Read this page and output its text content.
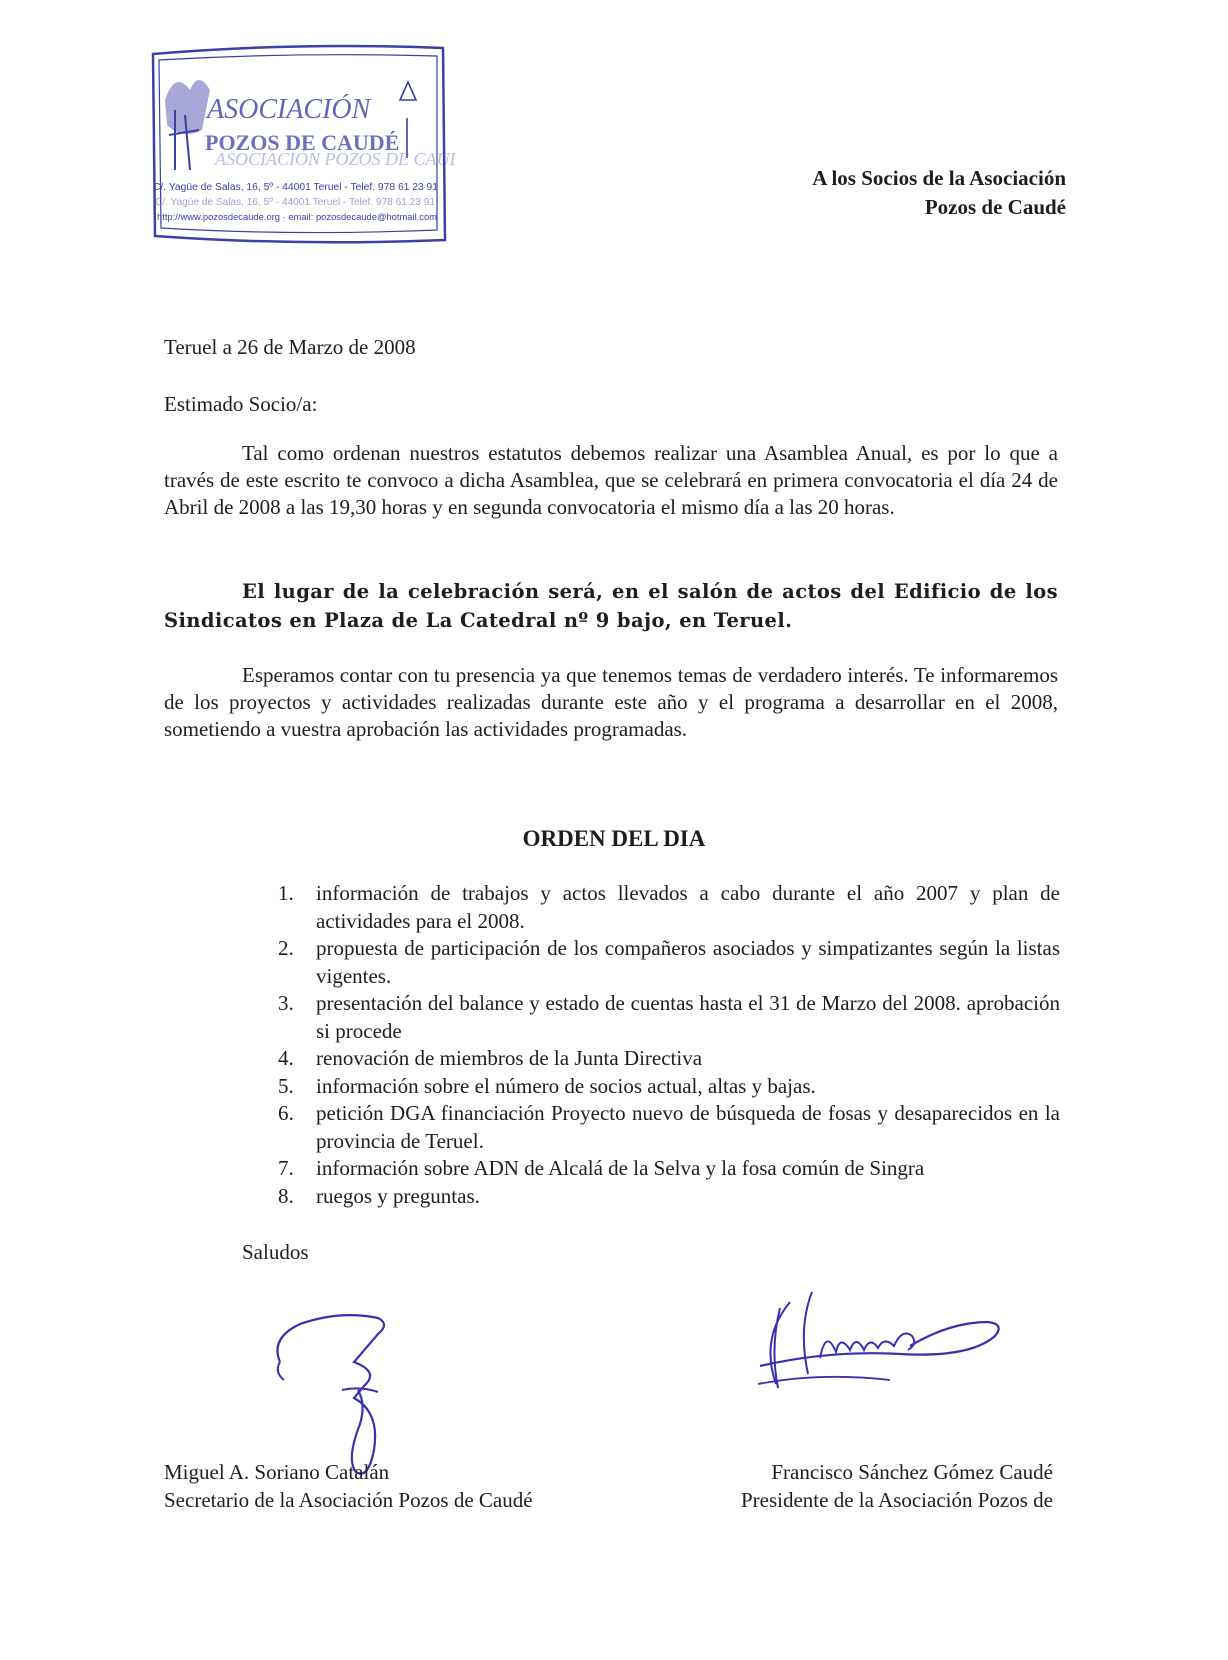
ASOCIACIÓN
POZOS DE CAUDÉ
ASOCIACIÓN POZOS DE CAUDÉ
C/. Yagüe de Salas, 16, 5º - 44001 Teruel - Telef. 978 61 23 91
C/. Yagüe de Salas, 16, 5º - 44001 Teruel - Telef. 978 61 23 91
http://www.pozosdecaude.org · email: pozosdecaude@hotmail.com
A los Socios de la Asociación
Pozos de Caudé
Teruel a 26 de Marzo de 2008
Estimado Socio/a:

Tal como ordenan nuestros estatutos debemos realizar una Asamblea Anual, es por lo que a través de este escrito te convoco a dicha Asamblea, que se celebrará en primera convocatoria el día 24 de Abril de 2008 a las 19,30 horas y en segunda convocatoria el mismo día a las 20 horas.

El lugar de la celebración será, en el salón de actos del Edificio de los Sindicatos en Plaza de La Catedral nº 9 bajo, en Teruel.

Esperamos contar con tu presencia ya que tenemos temas de verdadero interés. Te informaremos de los proyectos y actividades realizadas durante este año y el programa a desarrollar en el 2008, sometiendo a vuestra aprobación las actividades programadas.

ORDEN DEL DIA
1. información de trabajos y actos llevados a cabo durante el año 2007 y plan de actividades para el 2008.
2. propuesta de participación de los compañeros asociados y simpatizantes según la listas vigentes.
3. presentación del balance y estado de cuentas hasta el 31 de Marzo del 2008. aprobación si procede
4. renovación de miembros de la Junta Directiva
5. información sobre el número de socios actual, altas y bajas.
6. petición DGA financiación Proyecto nuevo de búsqueda de fosas y desaparecidos en la provincia de Teruel.
7. información sobre ADN de Alcalá de la Selva y la fosa común de Singra
8. ruegos y preguntas.
Saludos
Miguel A. Soriano Catalán
Secretario de la Asociación Pozos de Caudé
Francisco Sánchez Gómez Caudé
Presidente de la Asociación Pozos de
